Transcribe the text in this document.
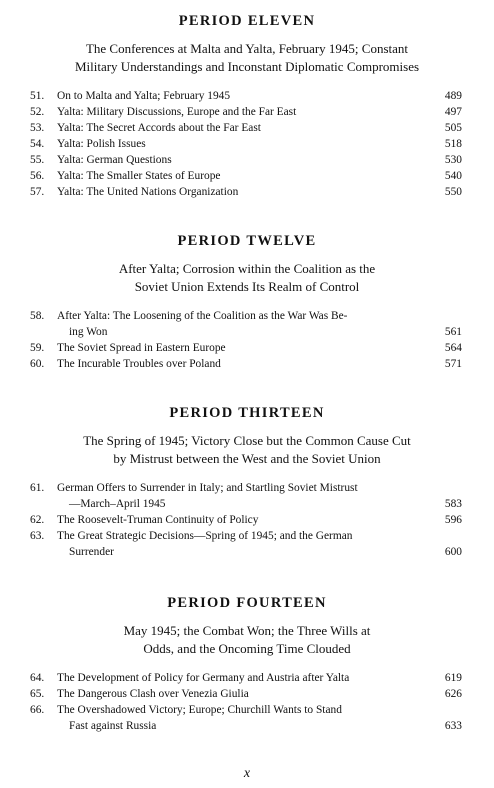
PERIOD ELEVEN

The Conferences at Malta and Yalta, February 1945; Constant
Military Understandings and Inconstant Diplomatic Compromises

51. On to Malta and Yalta; February 1945	489
52. Yalta: Military Discussions, Europe and the Far East	497
53. Yalta: The Secret Accords about the Far East	505
54. Yalta: Polish Issues	518
55. Yalta: German Questions	530
56. Yalta: The Smaller States of Europe	540
57. Yalta: The United Nations Organization	550
PERIOD TWELVE

After Yalta; Corrosion within the Coalition as the
Soviet Union Extends Its Realm of Control

58. After Yalta: The Loosening of the Coalition as the War Was Be-
ing Won	561
59. The Soviet Spread in Eastern Europe	564
60. The Incurable Troubles over Poland	571
PERIOD THIRTEEN

The Spring of 1945; Victory Close but the Common Cause Cut
by Mistrust between the West and the Soviet Union

61. German Offers to Surrender in Italy; and Startling Soviet Mistrust
—March–April 1945	583
62. The Roosevelt-Truman Continuity of Policy	596
63. The Great Strategic Decisions—Spring of 1945; and the German
Surrender	600
PERIOD FOURTEEN

May 1945; the Combat Won; the Three Wills at
Odds, and the Oncoming Time Clouded

64. The Development of Policy for Germany and Austria after Yalta	619
65. The Dangerous Clash over Venezia Giulia	626
66. The Overshadowed Victory; Europe; Churchill Wants to Stand
Fast against Russia	633
x
